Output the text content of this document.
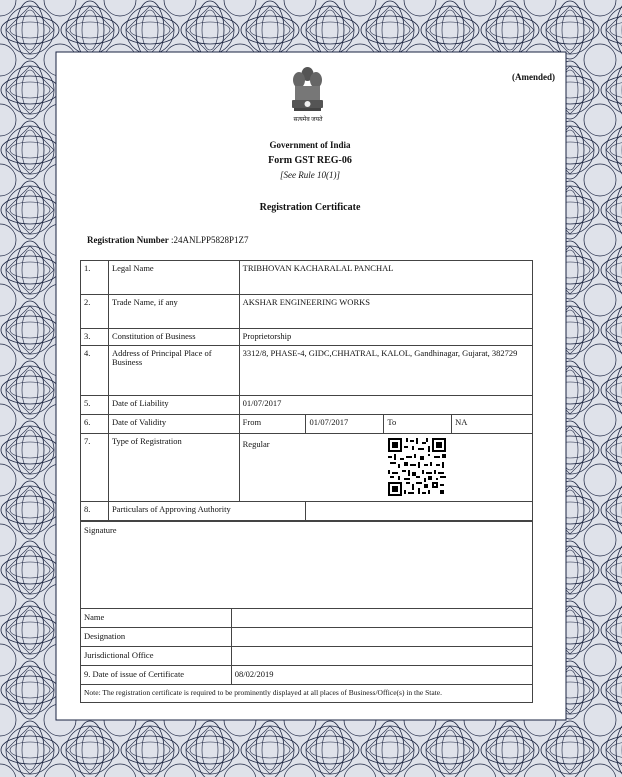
(Amended)
सत्यमेव जयते
Government of India
Form GST REG-06
[See Rule 10(1)]
Registration Certificate
Registration Number :24ANLPP5828P1Z7
1.	Legal Name	TRIBHOVAN KACHARALAL PANCHAL			
2.	Trade Name, if any	AKSHAR ENGINEERING WORKS			
3.	Constitution of Business	Proprietorship			
4.	Address of Principal Place of Business	3312/8, PHASE-4, GIDC,CHHATRAL, KALOL, Gandhinagar, Gujarat, 382729			
5.	Date of Liability	01/07/2017			
6.	Date of Validity	From	01/07/2017	To	NA
7.	Type of Registration	Regular			

8.	Particulars of Approving Authority				
Signature	
Name	
Designation	
Jurisdictional Office	
9. Date of issue of Certificate	08/02/2019
Note: The registration certificate is required to be prominently displayed at all places of Business/Office(s) in the State.	
